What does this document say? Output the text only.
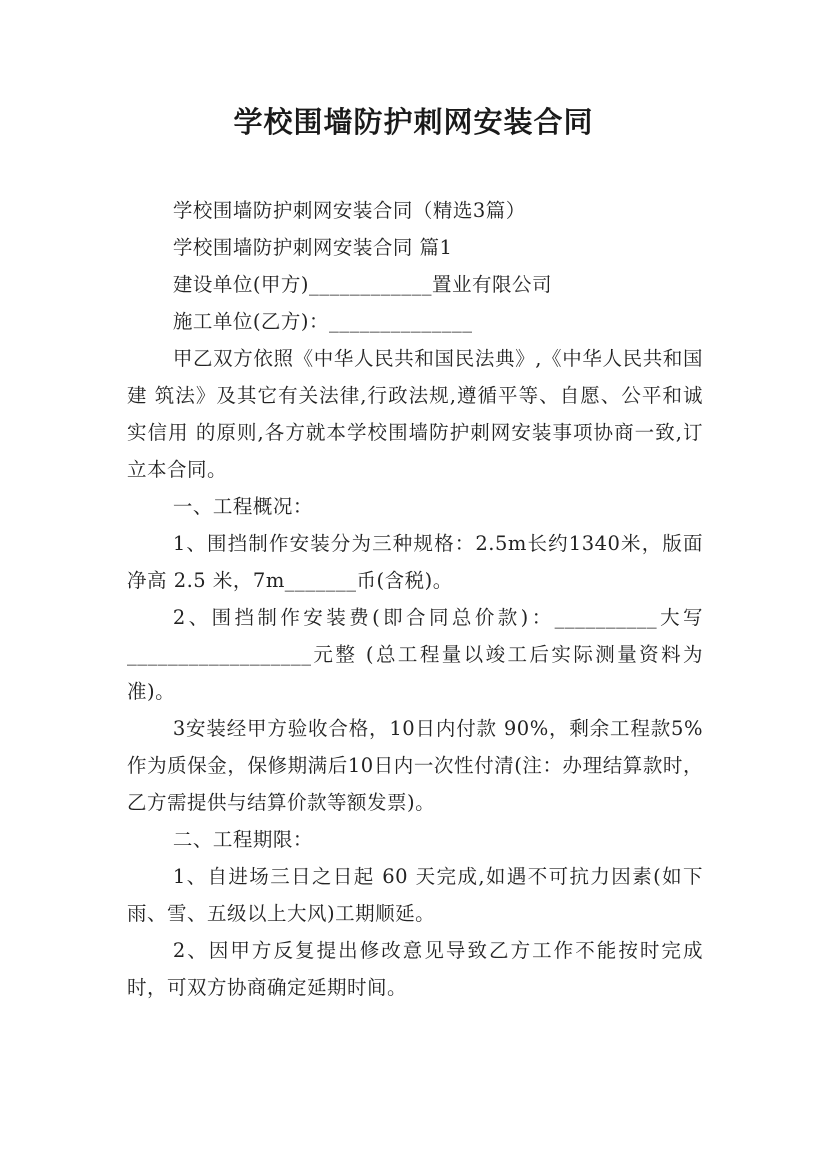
学校围墙防护刺网安装合同

学校围墙防护刺网安装合同（精选3篇）

学校围墙防护刺网安装合同 篇1

建设单位(甲方)____________置业有限公司

施工单位(乙方)：______________

甲乙双方依照《中华人民共和国民法典》,《中华人民共和国建 筑法》及其它有关法律,行政法规,遵循平等、自愿、公平和诚实信用 的原则,各方就本学校围墙防护刺网安装事项协商一致,订立本合同。

一、工程概况：

1、围挡制作安装分为三种规格：2.5m长约1340米，版面净高 2.5 米，7m_______币(含税)。

2、围挡制作安装费(即合同总价款)：__________大写__________________元整 (总工程量以竣工后实际测量资料为准)。

3安装经甲方验收合格，10日内付款 90%，剩余工程款5%作为质保金，保修期满后10日内一次性付清(注：办理结算款时，乙方需提供与结算价款等额发票)。

二、工程期限：

1、自进场三日之日起 60 天完成,如遇不可抗力因素(如下雨、雪、五级以上大风)工期顺延。

2、因甲方反复提出修改意见导致乙方工作不能按时完成时，可双方协商确定延期时间。
